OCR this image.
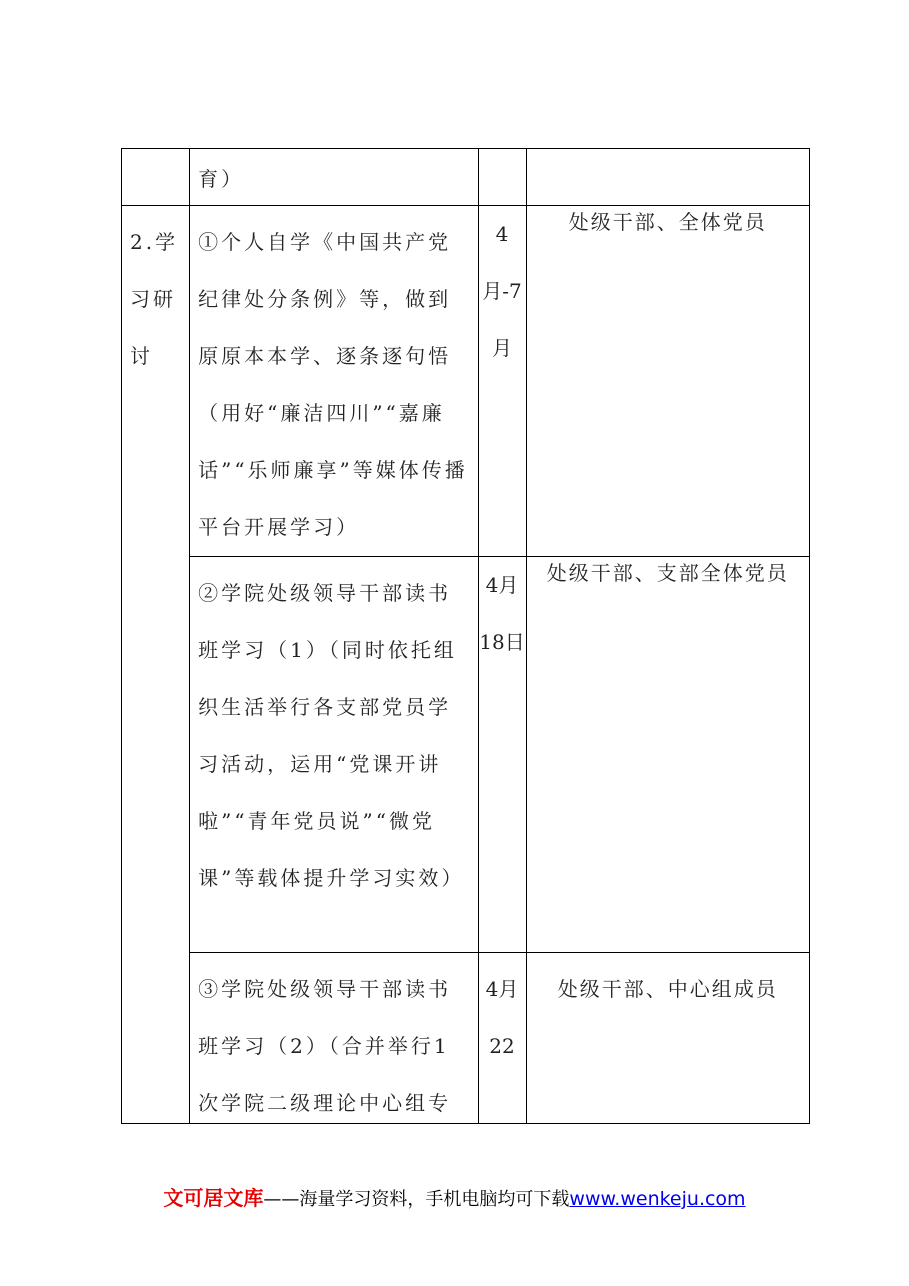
	育）		

2.学习研讨	①个人自学《中国共产党纪律处分条例》等，做到原原本本学、逐条逐句悟（用好“廉洁四川”“嘉廉话”“乐师廉享”等媒体传播平台开展学习）	4月-7月	处级干部、全体党员

	②学院处级领导干部读书班学习（1）（同时依托组织生活举行各支部党员学习活动，运用“党课开讲啦”“青年党员说”“微党课”等载体提升学习实效）	4月18日	处级干部、支部全体党员

	③学院处级领导干部读书班学习（2）（合并举行1次学院二级理论中心组专	4月22	处级干部、中心组成员
文可居文库——海量学习资料，手机电脑均可下载www.wenkeju.com
